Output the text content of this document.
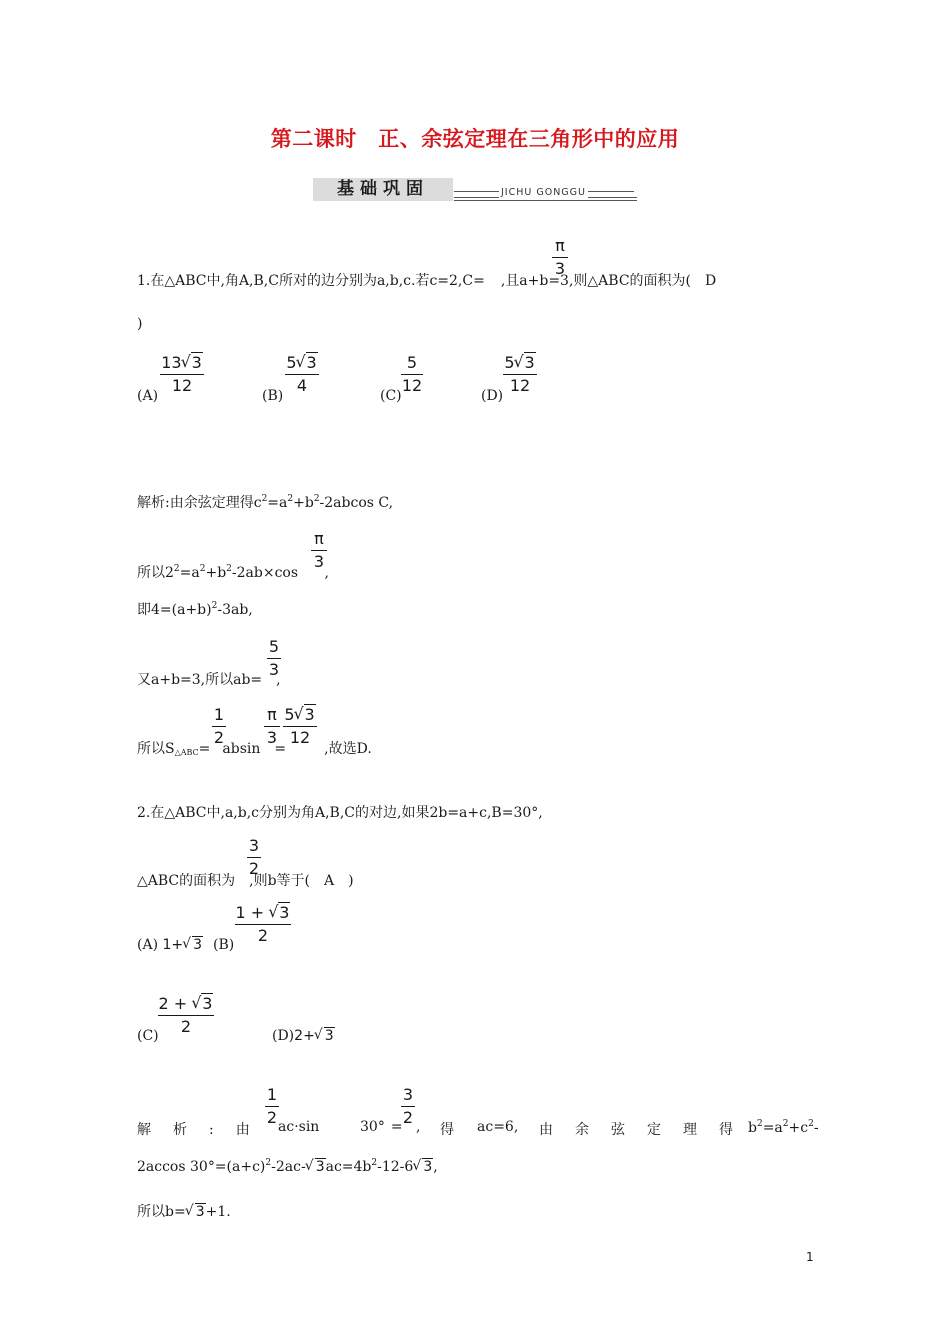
第二课时　正、余弦定理在三角形中的应用
基础巩固	JICHU GONGGU
π
3
1.在△ABC中,角A,B,C所对的边分别为a,b,c.若c=2,C= ,且a+b=3,则△ABC的面积为(　D
)
(A)
13√ 3
12
(B)
5√ 3
4
(C)
5
12
(D)
5√ 3
12
解析:由余弦定理得$c^2=a^2+b^2-2abcos$ C,
π
3
所以$2^2=a^2+b^2-2ab\times\cos$ ,
即$4=(a+b)^2-3ab$,
5
3
又a+b=3,所以ab= ,
1
2
π
3
5√ 3
12
所以$S_{\triangle ABC}= absin$ =	,故选D.
2.在△ABC中,a,b,c分别为角A,B,C的对边,如果2b=a+c,B=30°,
3
2
△ABC的面积为 ,则b等于(　A　)
(A) 1+√ 3 (B)
1 + √ 3
2
(C)
2 + √ 3
2	(D)2+√ 3
1
2
3
2
解 析 : 由 ac·sin	30° = , 得 ac=6, 由 余 弦 定 理 得 $b^2=a^2+c^2-$
2accos $30^\circ=(a+c)^2-2ac-√$ $3ac=4b^2-12-6√$ 3,
所以b=√ 3+1.
1
